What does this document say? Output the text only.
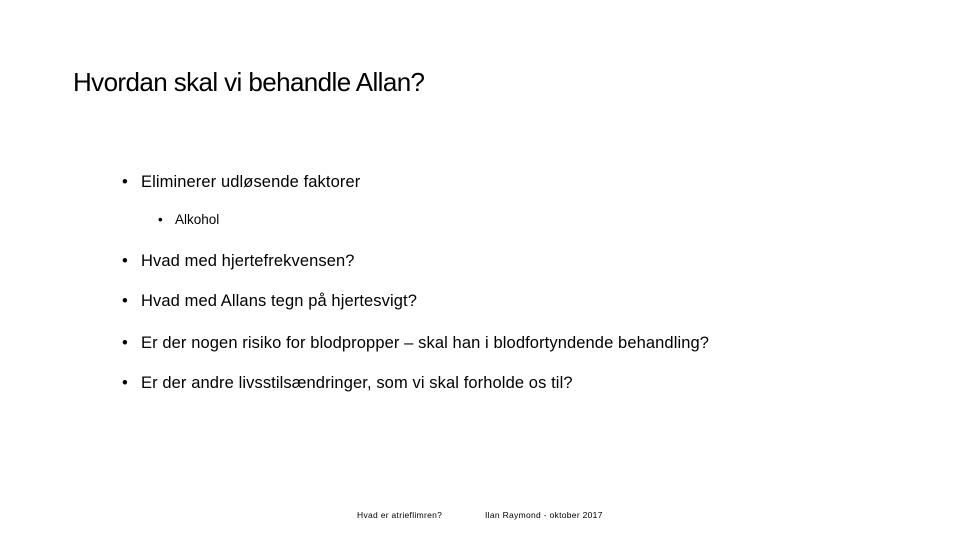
Hvordan skal vi behandle Allan?
• Eliminerer udløsende faktorer
• Alkohol
• Hvad med hjertefrekvensen?
• Hvad med Allans tegn på hjertesvigt?
• Er der nogen risiko for blodpropper – skal han i blodfortyndende behandling?
• Er der andre livsstilsændringer, som vi skal forholde os til?
Hvad er atrieflimren?	Ilan Raymond - oktober 2017
